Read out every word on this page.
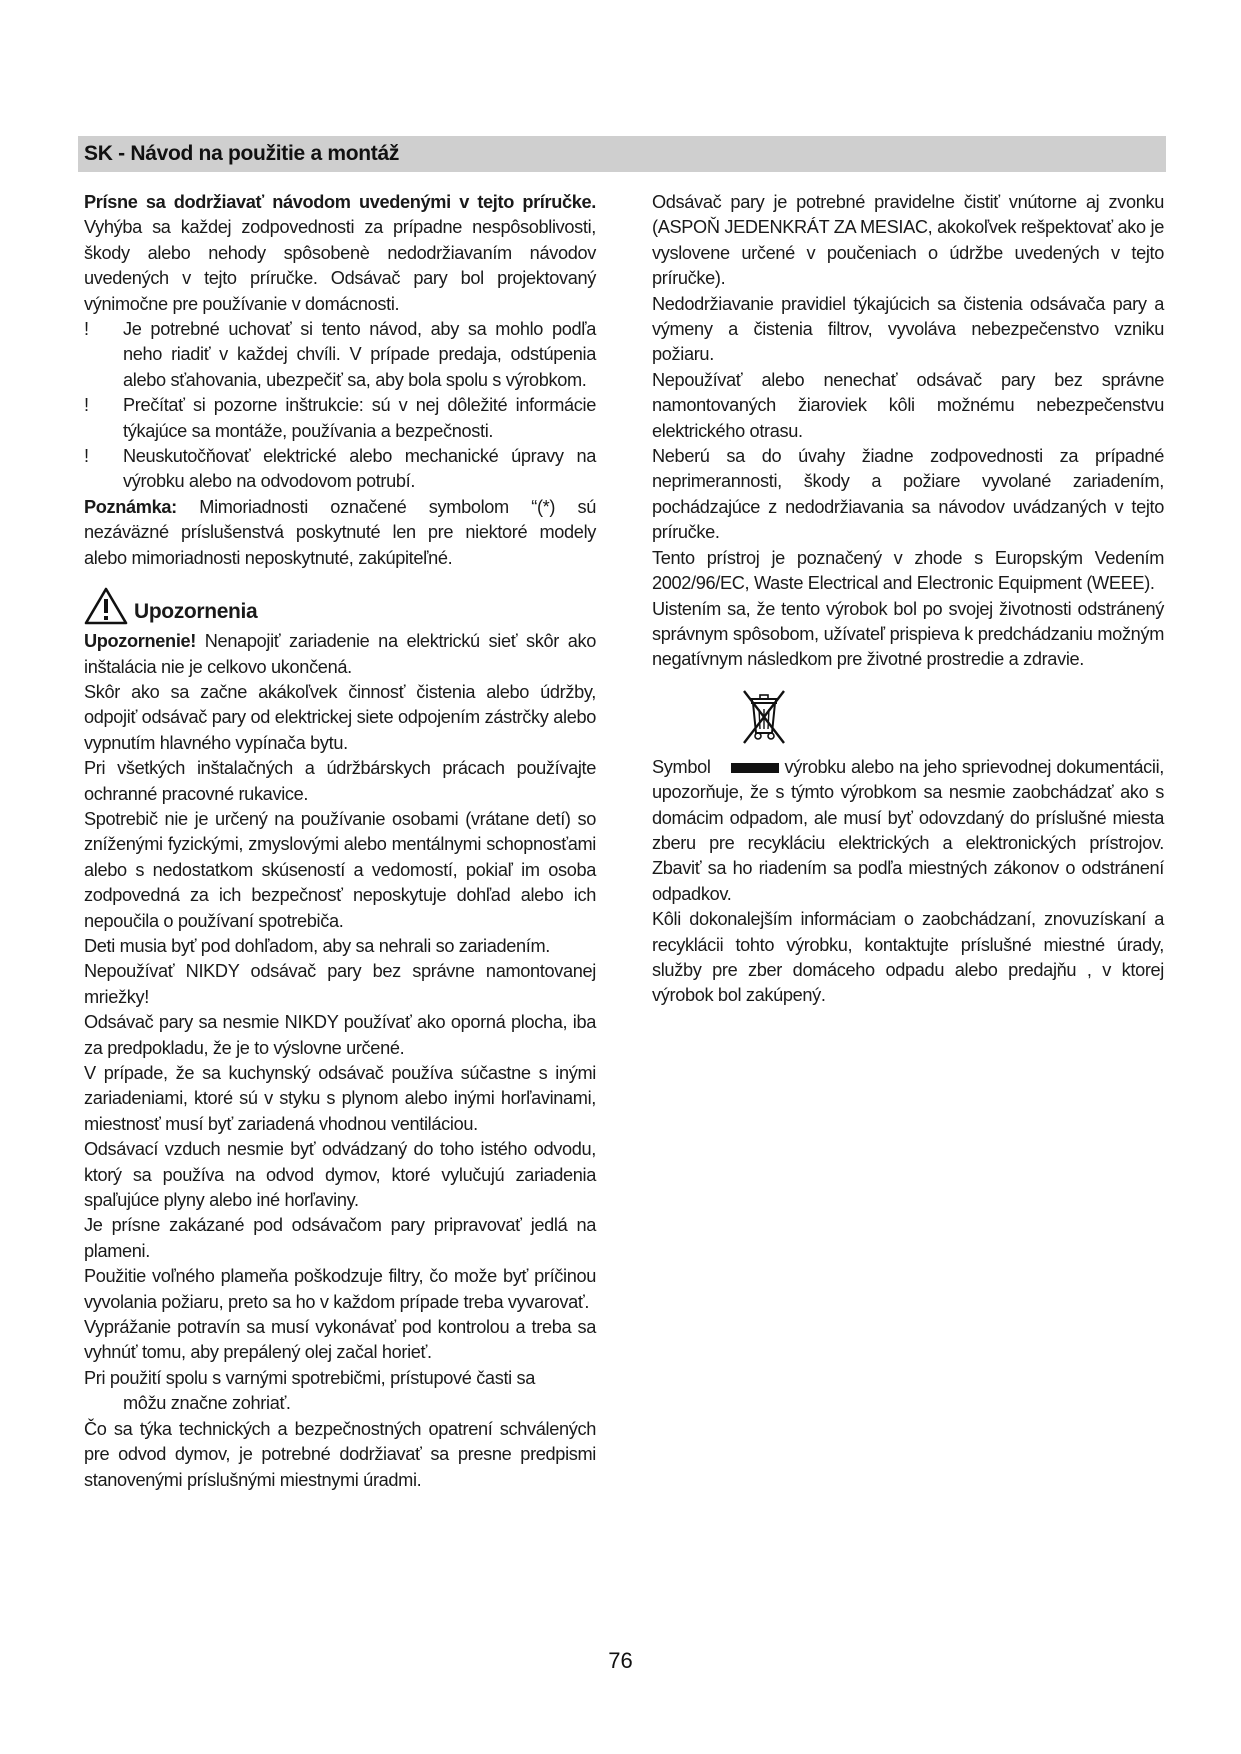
SK - Návod na použitie a montáž

Prísne sa dodržiavať návodom uvedenými v tejto príručke. Vyhýba sa každej zodpovednosti za prípadne nespôsoblivosti, škody alebo nehody spôsobenè nedodržiavaním návodov uvedených v tejto príručke. Odsávač pary bol projektovaný výnimočne pre používanie v domácnosti.

!	Je potrebné uchovať si tento návod, aby sa mohlo podľa neho riadiť v každej chvíli. V prípade predaja, odstúpenia alebo sťahovania, ubezpečiť sa, aby bola spolu s výrobkom.
!	Prečítať si pozorne inštrukcie: sú v nej dôležité informácie týkajúce sa montáže, používania a bezpečnosti.
!	Neuskutočňovať elektrické alebo mechanické úpravy na výrobku alebo na odvodovom potrubí.

Poznámka: Mimoriadnosti označené symbolom “(*) sú nezáväzné príslušenstvá poskytnuté len pre niektoré modely alebo mimoriadnosti neposkytnuté, zakúpiteľné.

Upozornenia

Upozornenie! Nenapojiť zariadenie na elektrickú sieť skôr ako inštalácia nie je celkovo ukončená.

Skôr ako sa začne akákoľvek činnosť čistenia alebo údržby, odpojiť odsávač pary od elektrickej siete odpojením zástrčky alebo vypnutím hlavného vypínača bytu.

Pri všetkých inštalačných a údržbárskych prácach používajte ochranné pracovné rukavice.

Spotrebič nie je určený na používanie osobami (vrátane detí) so zníženými fyzickými, zmyslovými alebo mentálnymi schopnosťami alebo s nedostatkom skúseností a vedomostí, pokiaľ im osoba zodpovedná za ich bezpečnosť neposkytuje dohľad alebo ich nepoučila o používaní spotrebiča.

Deti musia byť pod dohľadom, aby sa nehrali so zariadením.

Nepoužívať NIKDY odsávač pary bez správne namontovanej mriežky!

Odsávač pary sa nesmie NIKDY používať ako oporná plocha, iba za predpokladu, že je to výslovne určené.

V prípade, že sa kuchynský odsávač používa súčastne s inými zariadeniami, ktoré sú v styku s plynom alebo inými horľavinami, miestnosť musí byť zariadená vhodnou ventiláciou.

Odsávací vzduch nesmie byť odvádzaný do toho istého odvodu, ktorý sa používa na odvod dymov, ktoré vylučujú zariadenia spaľujúce plyny alebo iné horľaviny.

Je prísne zakázané pod odsávačom pary pripravovať jedlá na plameni.

Použitie voľného plameňa poškodzuje filtry, čo može byť príčinou vyvolania požiaru, preto sa ho v každom prípade treba vyvarovať.

Vyprážanie potravín sa musí vykonávať pod kontrolou a treba sa vyhnúť tomu, aby prepálený olej začal horieť.

Pri použití spolu s varnými spotrebičmi, prístupové časti sa
môžu značne zohriať.

Čo sa týka technických a bezpečnostných opatrení schválených pre odvod dymov, je potrebné dodržiavať sa presne predpismi stanovenými príslušnými miestnymi úradmi.

Odsávač pary je potrebné pravidelne čistiť vnútorne aj zvonku (ASPOŇ JEDENKRÁT ZA MESIAC, akokoľvek rešpektovať ako je vyslovene určené v poučeniach o údržbe uvedených v tejto príručke).

Nedodržiavanie pravidiel týkajúcich sa čistenia odsávača pary a výmeny a čistenia filtrov, vyvoláva nebezpečenstvo vzniku požiaru.

Nepoužívať alebo nenechať odsávač pary bez správne namontovaných žiaroviek kôli možnému nebezpečenstvu elektrického otrasu.

Neberú sa do úvahy žiadne zodpovednosti za prípadné neprimerannosti, škody a požiare vyvolané zariadením, pochádzajúce z nedodržiavania sa návodov uvádzaných v tejto príručke.

Tento prístroj je poznačený v zhode s Europským Vedením 2002/96/EC, Waste Electrical and Electronic Equipment (WEEE).

Uistením sa, že tento výrobok bol po svojej životnosti odstránený správnym spôsobom, užívateľ prispieva k predchádzaniu možným negatívnym následkom pre životné prostredie a zdravie.

Symbol	výrobku alebo na jeho sprievodnej dokumentácii, upozorňuje, že s týmto výrobkom sa nesmie zaobchádzať ako s domácim odpadom, ale musí byť odovzdaný do príslušné miesta zberu pre recykláciu elektrických a elektronických prístrojov. Zbaviť sa ho riadením sa podľa miestných zákonov o odstránení odpadkov.

Kôli dokonalejším informáciam o zaobchádzaní, znovuzískaní a recyklácii tohto výrobku, kontaktujte príslušné miestné úrady, služby pre zber domáceho odpadu alebo predajňu , v ktorej výrobok bol zakúpený.

76
